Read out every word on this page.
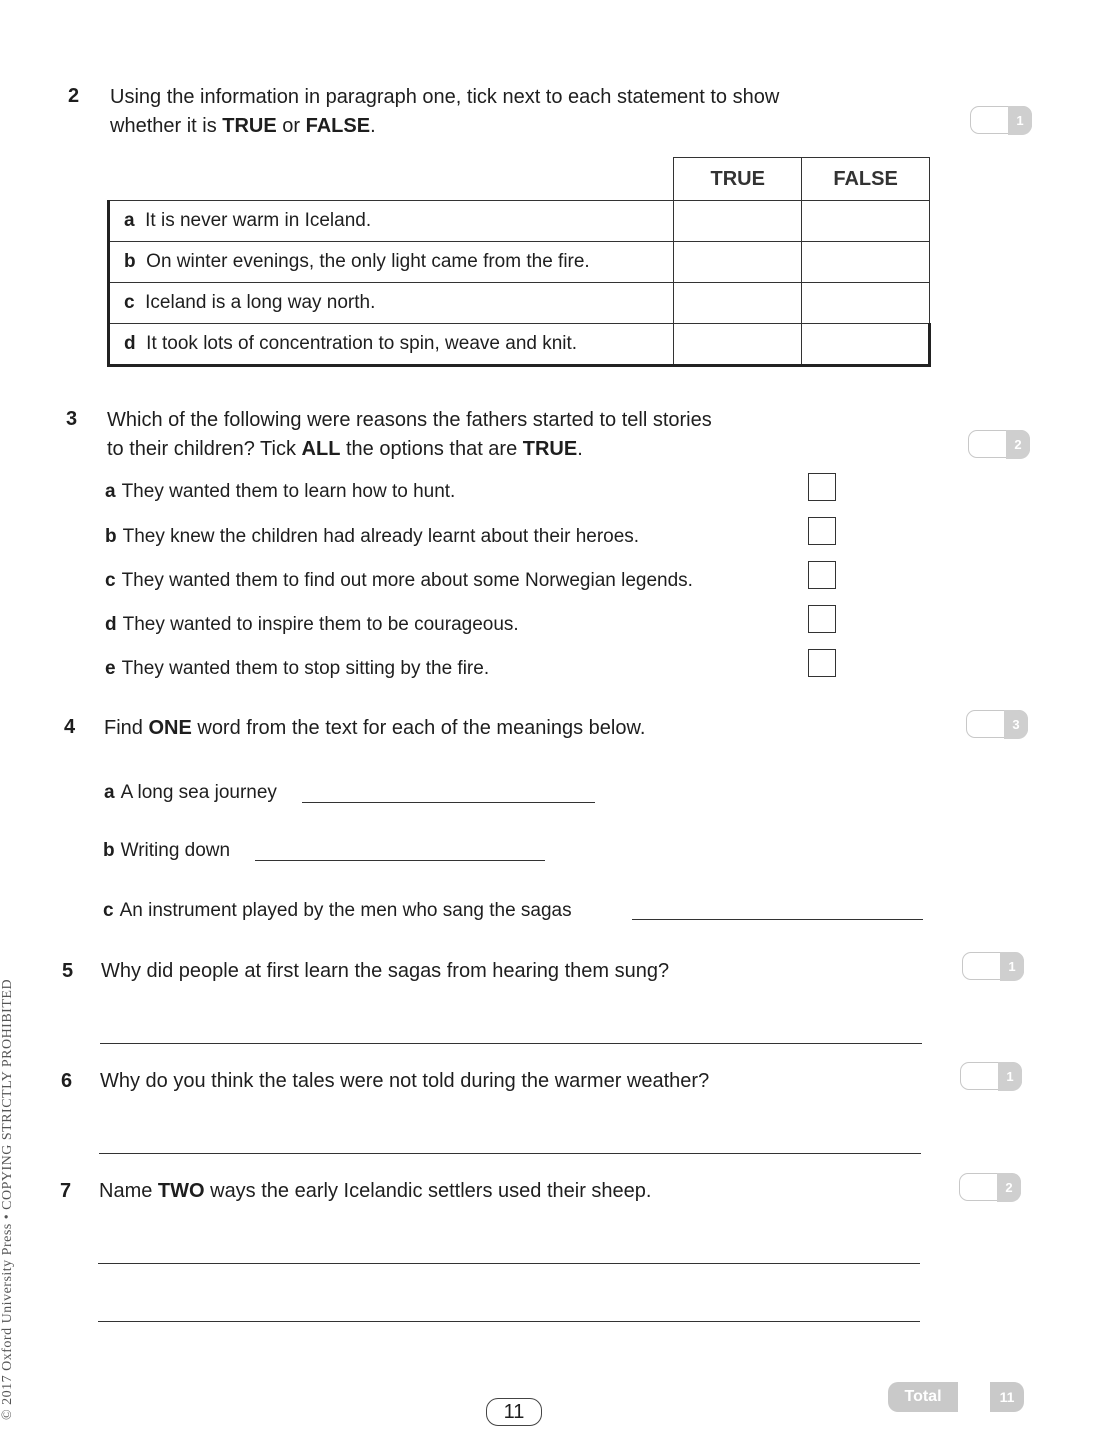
2 Using the information in paragraph one, tick next to each statement to show
whether it is TRUE or FALSE.	1
	TRUE	FALSE
a It is never warm in Iceland.		
b On winter evenings, the only light came from the fire.		
c Iceland is a long way north.		
d It took lots of concentration to spin, weave and knit.		
3 Which of the following were reasons the fathers started to tell stories
to their children? Tick ALL the options that are TRUE.	2
a They wanted them to learn how to hunt.
b They knew the children had already learnt about their heroes.
c They wanted them to find out more about some Norwegian legends.
d They wanted to inspire them to be courageous.
e They wanted them to stop sitting by the fire.
4 Find ONE word from the text for each of the meanings below.	3
a A long sea journey
b Writing down
c An instrument played by the men who sang the sagas
5 Why did people at first learn the sagas from hearing them sung?	1
6 Why do you think the tales were not told during the warmer weather?	1
7 Name TWO ways the early Icelandic settlers used their sheep.	2
© 2017 Oxford University Press • COPYING STRICTLY PROHIBITED	11
Total	11
